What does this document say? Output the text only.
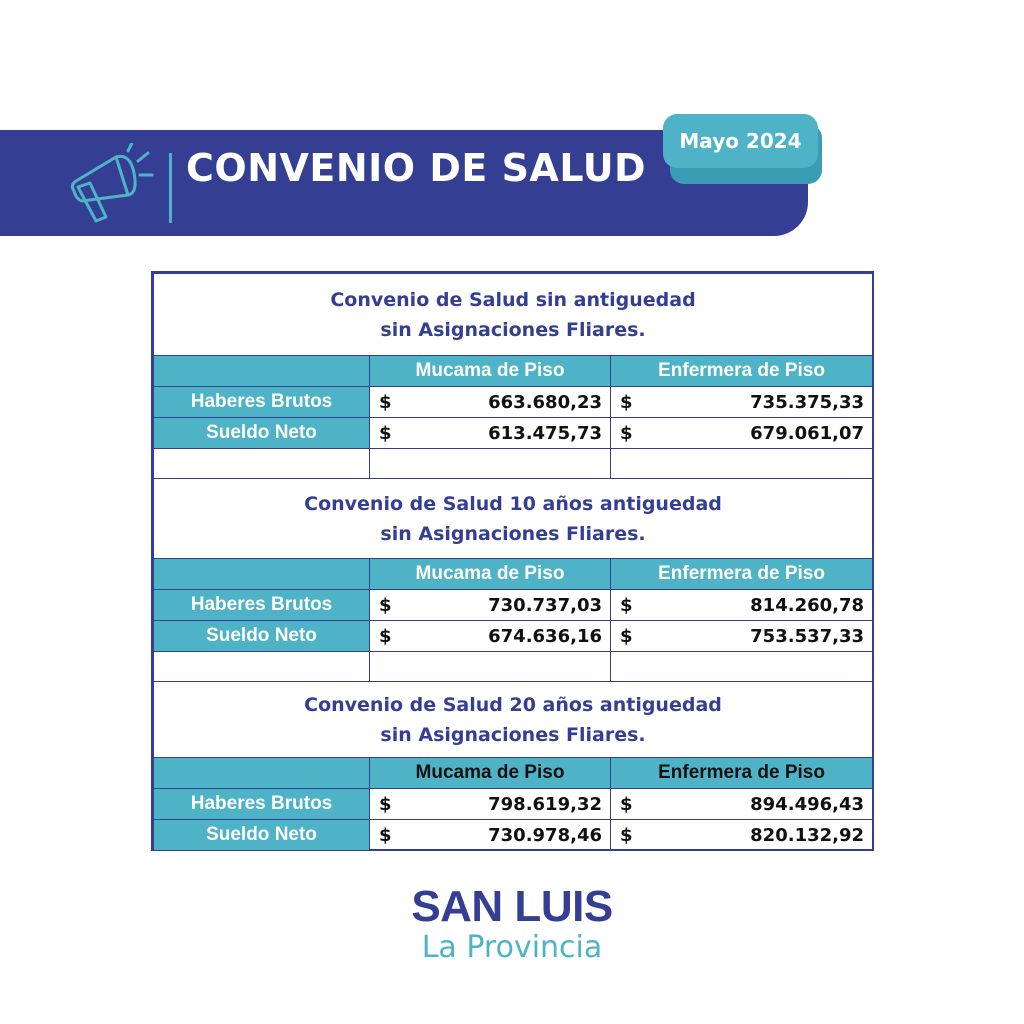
CONVENIO DE SALUD
Mayo 2024
Convenio de Salud sin antiguedad
sin Asignaciones Fliares.		

	Mucama de Piso	Enfermera de Piso
Haberes Brutos	$ 663.680,23	$ 735.375,33

Sueldo Neto	$ 613.475,73	$ 679.061,07

Convenio de Salud 10 años antiguedad
sin Asignaciones Fliares.		

	Mucama de Piso	Enfermera de Piso
Haberes Brutos	$ 730.737,03	$ 814.260,78

Sueldo Neto	$ 674.636,16	$ 753.537,33

Convenio de Salud 20 años antiguedad
sin Asignaciones Fliares.		

	Mucama de Piso	Enfermera de Piso
Haberes Brutos	$ 798.619,32	$ 894.496,43

Sueldo Neto	$ 730.978,46	$ 820.132,92
SAN LUIS
La Provincia
